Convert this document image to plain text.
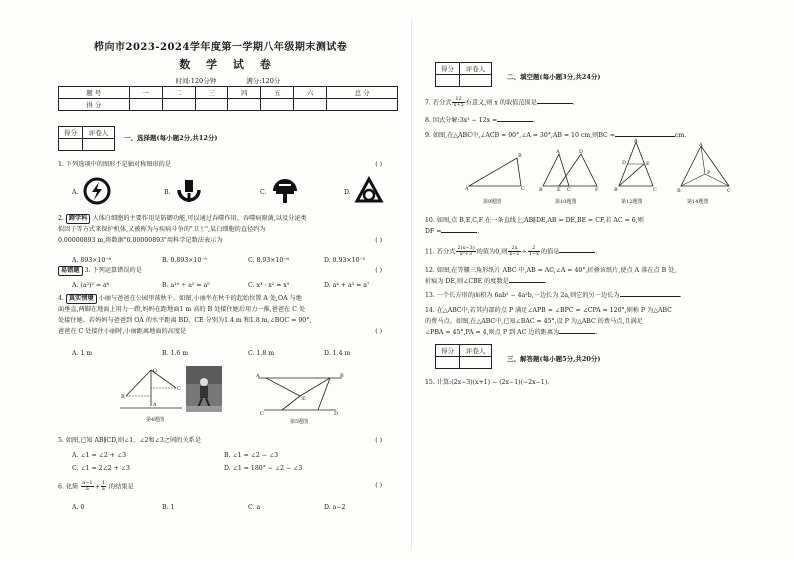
栉向市2023-2024学年度第一学期八年级期末测试卷
数 学 试 卷
时间:120分钟	满分:120分
题 号	一	二	三	四	五	六	总 分
得 分							
得分	评卷人

一、选择题(每小题2分,共12分)
1. 下列选项中的图形不是轴对称图形的是	( )
A.	B.	C.	D.
2. 跨学科 人体白细胞的主要作用是防御功能,可以通过吞噬作用、吞噬病原菌,以及分泌类
似因子等方式来保护机体,又被称为与疾病斗争的"卫士",某白细胞的直径约为
0.00000893 m,将数据"0.00000893"用科学记数法表示为	( )
A. 893×10⁻⁸	B. 0.893×10⁻⁵	C. 8.93×10⁻⁶	D. 8.93×10⁻⁵
易错题 3. 下列运算错误的是	( )
A. (a³)² = a⁶	B. a¹⁰ ÷ a² = a⁵	C. x³ · x² = x⁵	D. a⁴ + a³ = a⁷
4. 真实情境 小丽与爸爸在公园里荡秋千。如图,小丽坐在秋千的起始位置 A 处,OA 与地
面垂直,两脚在地面上用力一蹬,妈妈在距地面1 m 高的 B 处接住她后用力一推,爸爸在 C 处
处接住她。若妈妈与爸爸到 OA 的水平距离 BD、CE 分别为1.4 m 和1.8 m,∠BOC = 90°,
爸爸在 C 处接住小丽时,小丽距离地面的高度是	( )
A. 1 m	B. 1.6 m	C. 1.8 m	D. 1.4 m
O
B
C
A
第4题图
A	B
C	D
E
第5题图
5. 如图,已知 AB∥CD,则∠1、∠2和∠3之间的关系是	( )
A. ∠1 = ∠2 + ∠3	B. ∠1 = ∠2 − ∠3
C. ∠1 = 2∠2 + ∠3	D. ∠1 = 180° − ∠2 − ∠3
6. 化简 $\frac{a-1}{a} + \frac{1}{a}$ 的结果是	( )
A. 0	B. 1	C. a	D. a−2
得分	评卷人

二、填空题(每小题3分,共24分)
7. 若分式 $\frac{12}{x+5}$ 有意义,则 x 的取值范围是	.
8. 因式分解:3x³ − 12x =	.
9. 如图,在△ABC中,∠ACB = 90°,∠A = 30°,AB = 10 cm,则BC =	cm.
A	C
B
第9题图
A	D
B	E C	F
第10题图
A
B	C
E
D
第12题图
A
B	C
P
第14题图
10. 如图,点 B,E,C,F 在一条直线上,AB∥DE,AB = DE,BE = CF,若 AC = 6,则
DF =	.
11. 若分式 $\frac{2(x-3)}{\text{x²+3}}$ 的值为0,则 $\frac{2x}{x-1} \div \frac{2}{1-x}$ 的值是	.
12. 如图,在等腰三角形纸片 ABC 中,AB = AC,∠A = 40°,折叠该纸片,使点 A 落在点 B 处,
折痕为 DE,则∠CBE 的度数是	.
13. 一个长方形的面积为 6ab² − 4a²b,一边长为 2a,则它的另一边长为	.
14. 在△ABC中,若其内部的点 P 满足∠APB = ∠BPC = ∠CPA = 120°,则称 P 为△ABC
的费马点。如图,在△ABC中,已知∠BAC = 45°,设 P 为△ABC 的费马点,且满足
∠PBA = 45°,PA = 4,则点 P 到 AC 边的距离为	.
得分	评卷人

三、解答题(每小题5分,共20分)
15. 计算:(2x−3)(x+1) − (2x−1)(−2x−1).
